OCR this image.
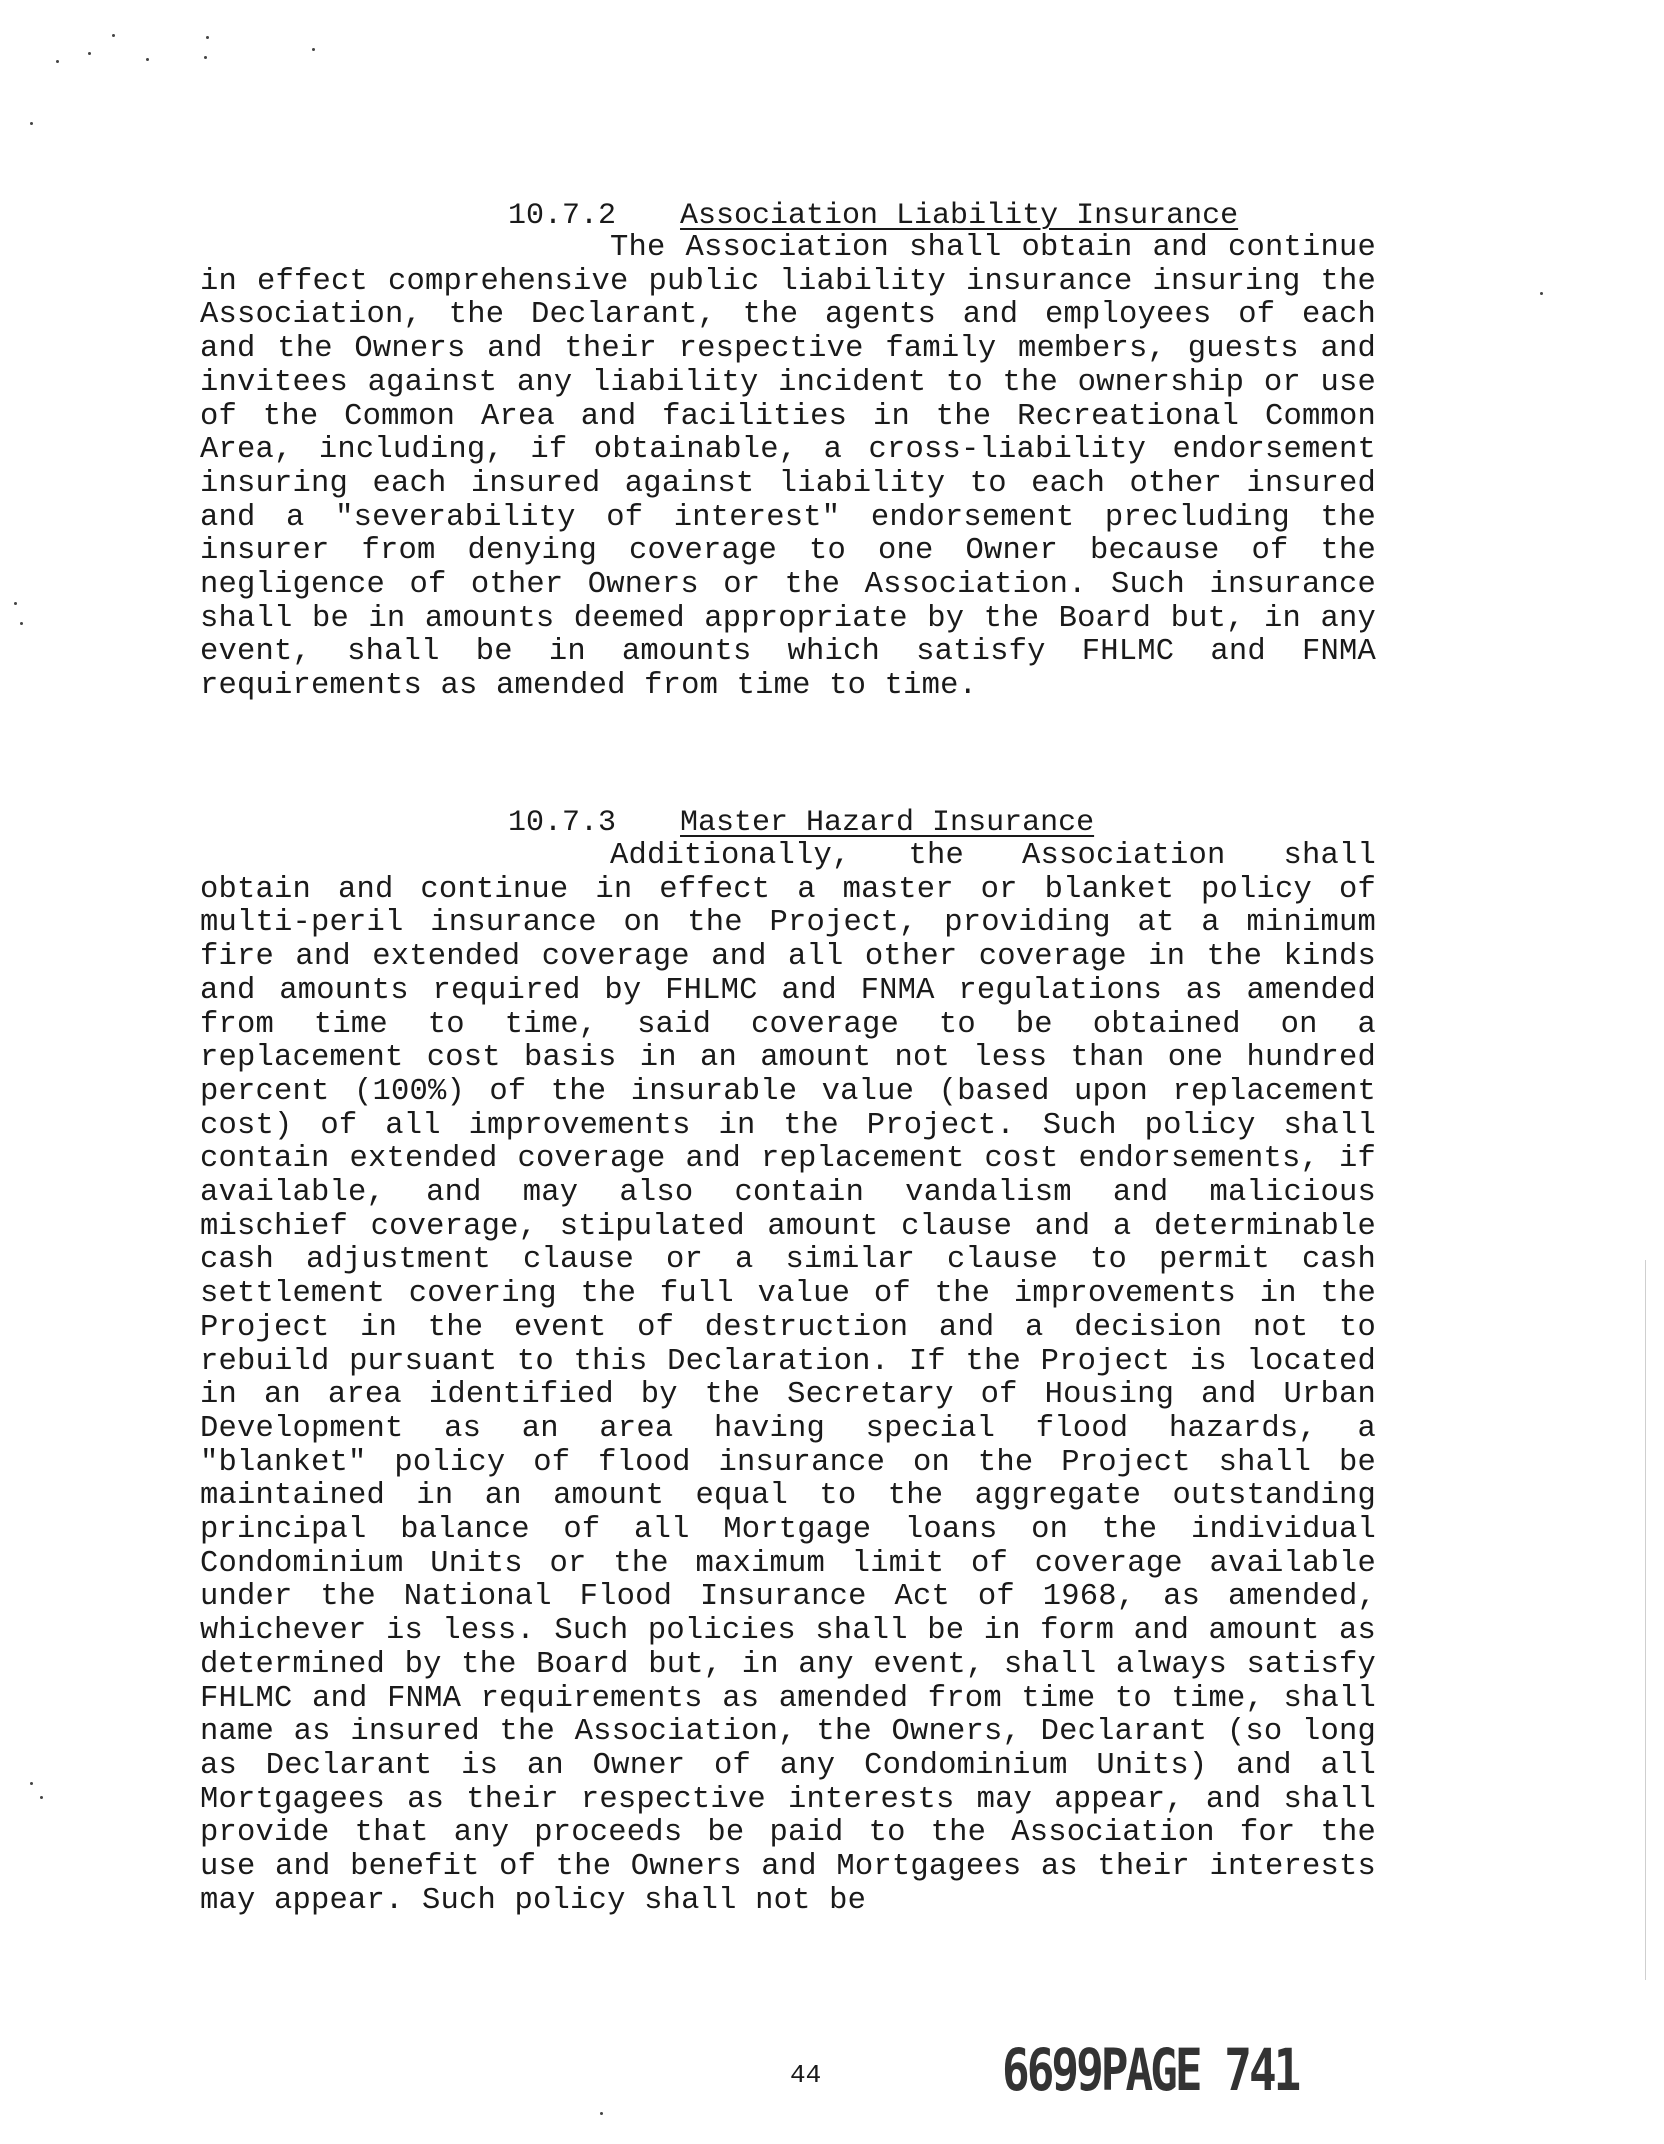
10.7.2 Association Liability Insurance

The Association shall obtain and continue in effect comprehensive public liability insurance insuring the Association, the Declarant, the agents and employees of each and the Owners and their respective family members, guests and invitees against any liability incident to the ownership or use of the Common Area and facilities in the Recreational Common Area, including, if obtainable, a cross-liability endorsement insuring each insured against liability to each other insured and a "severability of interest" endorsement precluding the insurer from denying coverage to one Owner because of the negligence of other Owners or the Association. Such insurance shall be in amounts deemed appropriate by the Board but, in any event, shall be in amounts which satisfy FHLMC and FNMA requirements as amended from time to time.

10.7.3 Master Hazard Insurance

Additionally, the Association shall obtain and continue in effect a master or blanket policy of multi-peril insurance on the Project, providing at a minimum fire and extended coverage and all other coverage in the kinds and amounts required by FHLMC and FNMA regulations as amended from time to time, said coverage to be obtained on a replacement cost basis in an amount not less than one hundred percent (100%) of the insurable value (based upon replacement cost) of all improvements in the Project. Such policy shall contain extended coverage and replacement cost endorsements, if available, and may also contain vandalism and malicious mischief coverage, stipulated amount clause and a determinable cash adjustment clause or a similar clause to permit cash settlement covering the full value of the improvements in the Project in the event of destruction and a decision not to rebuild pursuant to this Declaration. If the Project is located in an area identified by the Secretary of Housing and Urban Development as an area having special flood hazards, a "blanket" policy of flood insurance on the Project shall be maintained in an amount equal to the aggregate outstanding principal balance of all Mortgage loans on the individual Condominium Units or the maximum limit of coverage available under the National Flood Insurance Act of 1968, as amended, whichever is less. Such policies shall be in form and amount as determined by the Board but, in any event, shall always satisfy FHLMC and FNMA requirements as amended from time to time, shall name as insured the Association, the Owners, Declarant (so long as Declarant is an Owner of any Condominium Units) and all Mortgagees as their respective interests may appear, and shall provide that any proceeds be paid to the Association for the use and benefit of the Owners and Mortgagees as their interests may appear. Such policy shall not be

44	6699PAGE 741
